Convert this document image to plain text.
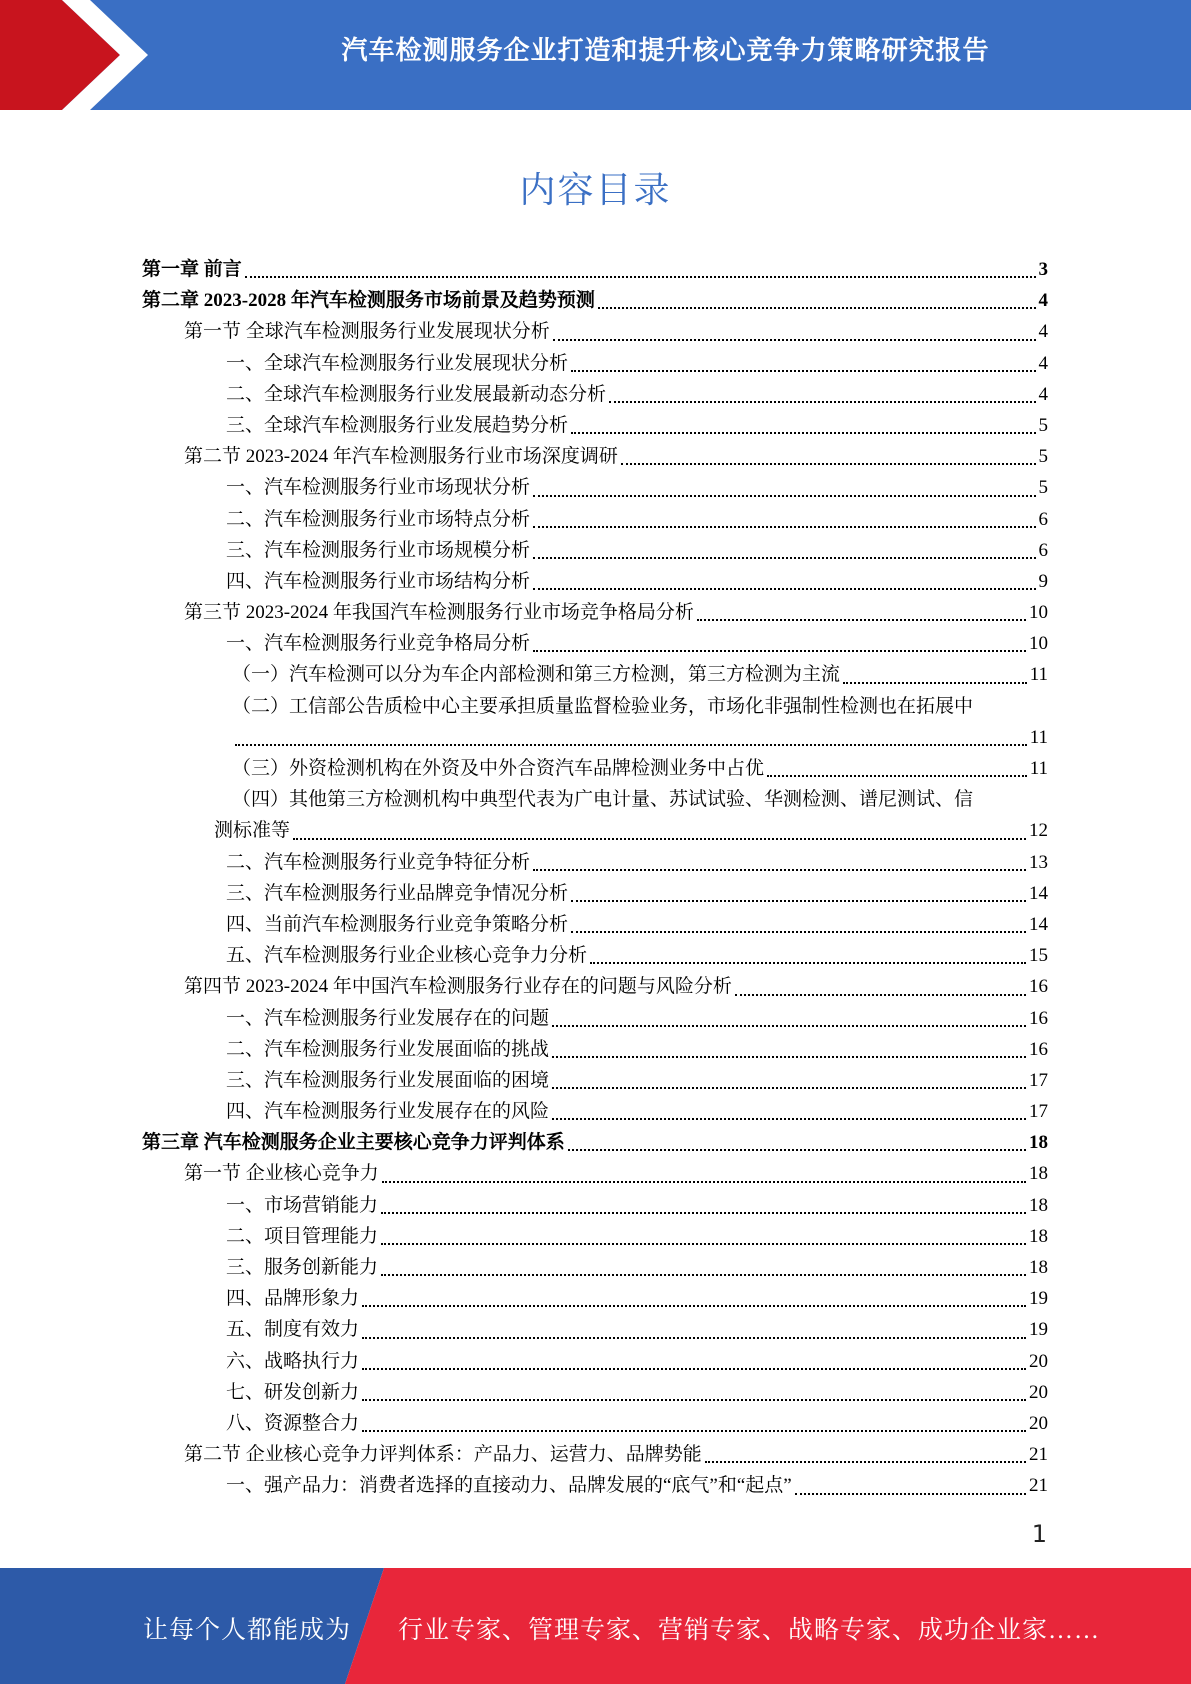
汽车检测服务企业打造和提升核心竞争力策略研究报告
内容目录
第一章 前言	3
第二章 2023-2028 年汽车检测服务市场前景及趋势预测	4
第一节 全球汽车检测服务行业发展现状分析	4
一、全球汽车检测服务行业发展现状分析	4
二、全球汽车检测服务行业发展最新动态分析	4
三、全球汽车检测服务行业发展趋势分析	5
第二节 2023-2024 年汽车检测服务行业市场深度调研	5
一、汽车检测服务行业市场现状分析	5
二、汽车检测服务行业市场特点分析	6
三、汽车检测服务行业市场规模分析	6
四、汽车检测服务行业市场结构分析	9
第三节 2023-2024 年我国汽车检测服务行业市场竞争格局分析	10
一、汽车检测服务行业竞争格局分析	10
（一）汽车检测可以分为车企内部检测和第三方检测，第三方检测为主流	11
（二）工信部公告质检中心主要承担质量监督检验业务，市场化非强制性检测也在拓展中
11
（三）外资检测机构在外资及中外合资汽车品牌检测业务中占优	11
（四）其他第三方检测机构中典型代表为广电计量、苏试试验、华测检测、谱尼测试、信
测标准等	12
二、汽车检测服务行业竞争特征分析	13
三、汽车检测服务行业品牌竞争情况分析	14
四、当前汽车检测服务行业竞争策略分析	14
五、汽车检测服务行业企业核心竞争力分析	15
第四节 2023-2024 年中国汽车检测服务行业存在的问题与风险分析	16
一、汽车检测服务行业发展存在的问题	16
二、汽车检测服务行业发展面临的挑战	16
三、汽车检测服务行业发展面临的困境	17
四、汽车检测服务行业发展存在的风险	17
第三章 汽车检测服务企业主要核心竞争力评判体系	18
第一节 企业核心竞争力	18
一、市场营销能力	18
二、项目管理能力	18
三、服务创新能力	18
四、品牌形象力	19
五、制度有效力	19
六、战略执行力	20
七、研发创新力	20
八、资源整合力	20
第二节 企业核心竞争力评判体系：产品力、运营力、品牌势能	21
一、强产品力：消费者选择的直接动力、品牌发展的“底气”和“起点”	21
1
让每个人都能成为 行业专家、管理专家、营销专家、战略专家、成功企业家……
